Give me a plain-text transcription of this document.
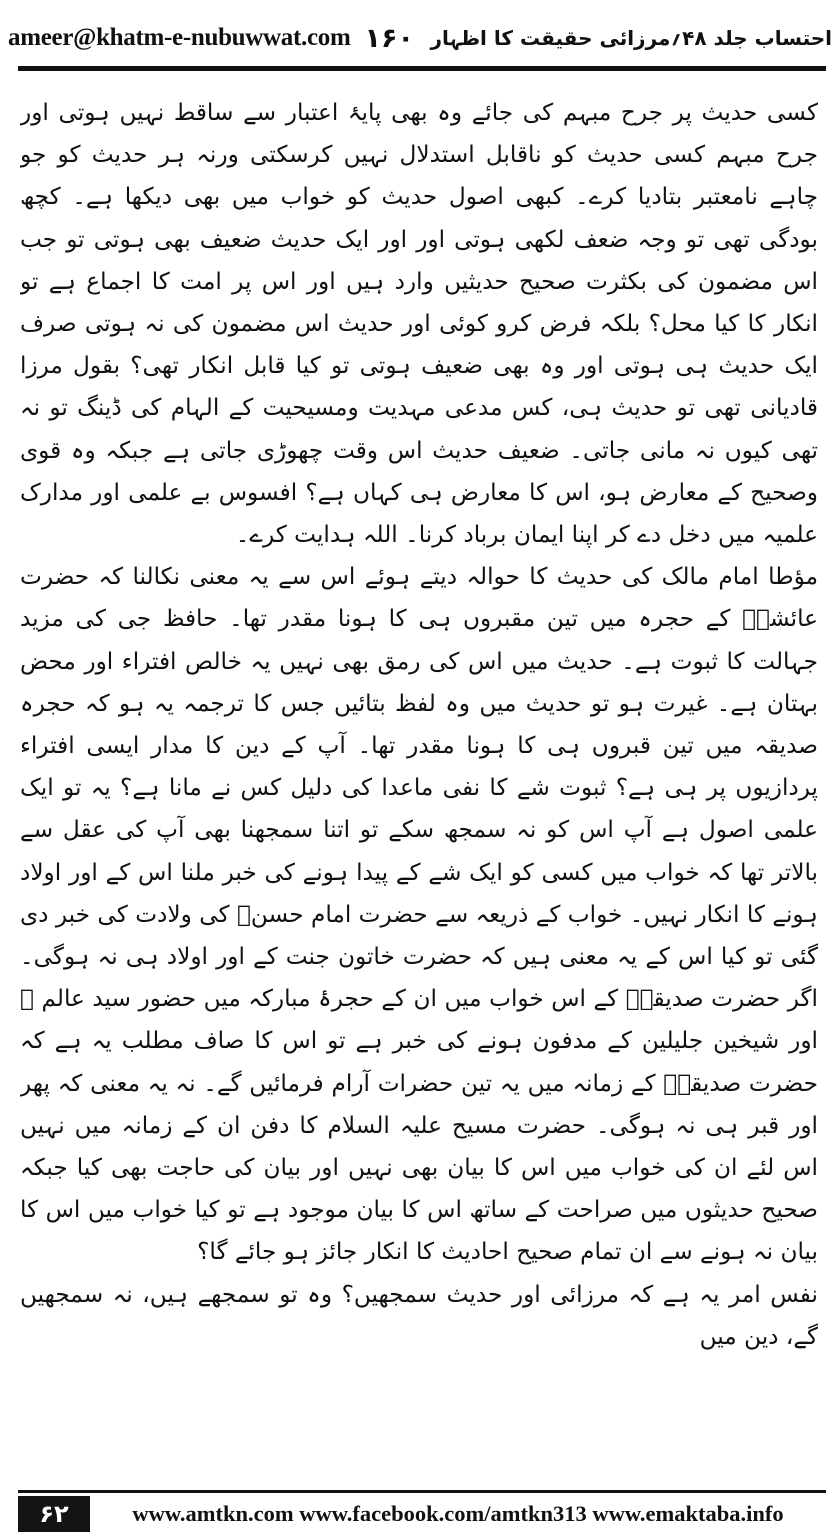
ameer@khatm-e-nubuwwat.com ۱۶۰ احتساب جلد ۴۸؍مرزائی حقیقت کا اظہار

کسی حدیث پر جرح مبہم کی جائے وہ بھی پایۂ اعتبار سے ساقط نہیں ہوتی اور جرح مبہم کسی حدیث کو ناقابل استدلال نہیں کرسکتی ورنہ ہر حدیث کو جو چاہے نامعتبر بتادیا کرے۔ کبھی اصول حدیث کو خواب میں بھی دیکھا ہے۔ کچھ بودگی تھی تو وجہ ضعف لکھی ہوتی اور اور ایک حدیث ضعیف بھی ہوتی تو جب اس مضمون کی بکثرت صحیح حدیثیں وارد ہیں اور اس پر امت کا اجماع ہے تو انکار کا کیا محل؟ بلکہ فرض کرو کوئی اور حدیث اس مضمون کی نہ ہوتی صرف ایک حدیث ہی ہوتی اور وہ بھی ضعیف ہوتی تو کیا قابل انکار تھی؟ بقول مرزا قادیانی تھی تو حدیث ہی، کس مدعی مہدیت ومسیحیت کے الہام کی ڈینگ تو نہ تھی کیوں نہ مانی جاتی۔ ضعیف حدیث اس وقت چھوڑی جاتی ہے جبکہ وہ قوی وصحیح کے معارض ہو، اس کا معارض ہی کہاں ہے؟ افسوس بے علمی اور مدارک علمیہ میں دخل دے کر اپنا ایمان برباد کرنا۔ اللہ ہدایت کرے۔

مؤطا امام مالک کی حدیث کا حوالہ دیتے ہوئے اس سے یہ معنی نکالنا کہ حضرت عائشہؓ کے حجرہ میں تین مقبروں ہی کا ہونا مقدر تھا۔ حافظ جی کی مزید جہالت کا ثبوت ہے۔ حدیث میں اس کی رمق بھی نہیں یہ خالص افتراء اور محض بہتان ہے۔ غیرت ہو تو حدیث میں وہ لفظ بتائیں جس کا ترجمہ یہ ہو کہ حجرہ صدیقہ میں تین قبروں ہی کا ہونا مقدر تھا۔ آپ کے دین کا مدار ایسی افتراء پردازیوں پر ہی ہے؟ ثبوت شے کا نفی ماعدا کی دلیل کس نے مانا ہے؟ یہ تو ایک علمی اصول ہے آپ اس کو نہ سمجھ سکے تو اتنا سمجھنا بھی آپ کی عقل سے بالاتر تھا کہ خواب میں کسی کو ایک شے کے پیدا ہونے کی خبر ملنا اس کے اور اولاد ہونے کا انکار نہیں۔ خواب کے ذریعہ سے حضرت امام حسنؓ کی ولادت کی خبر دی گئی تو کیا اس کے یہ معنی ہیں کہ حضرت خاتون جنت کے اور اولاد ہی نہ ہوگی۔ اگر حضرت صدیقہؓ کے اس خواب میں ان کے حجرۂ مبارکہ میں حضور سید عالم ﷺ اور شیخین جلیلین کے مدفون ہونے کی خبر ہے تو اس کا صاف مطلب یہ ہے کہ حضرت صدیقہؓ کے زمانہ میں یہ تین حضرات آرام فرمائیں گے۔ نہ یہ معنی کہ پھر اور قبر ہی نہ ہوگی۔ حضرت مسیح علیہ السلام کا دفن ان کے زمانہ میں نہیں اس لئے ان کی خواب میں اس کا بیان بھی نہیں اور بیان کی حاجت بھی کیا جبکہ صحیح حدیثوں میں صراحت کے ساتھ اس کا بیان موجود ہے تو کیا خواب میں اس کا بیان نہ ہونے سے ان تمام صحیح احادیث کا انکار جائز ہو جائے گا؟

نفس امر یہ ہے کہ مرزائی اور حدیث سمجھیں؟ وہ تو سمجھے ہیں، نہ سمجھیں گے، دین میں

۶۲	www.amtkn.com www.facebook.com/amtkn313 www.emaktaba.info
